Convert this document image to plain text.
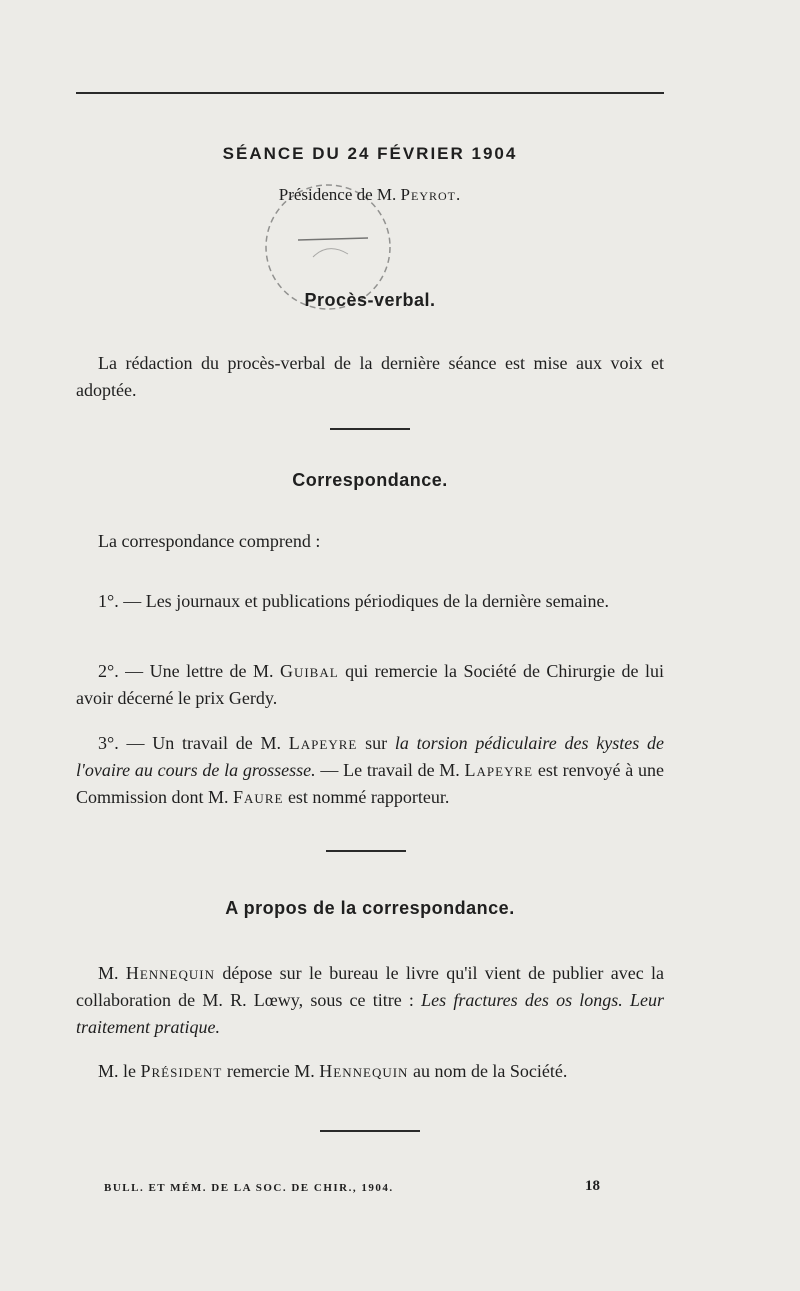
SÉANCE DU 24 FÉVRIER 1904
Présidence de M. Peyrot.
Procès-verbal.
La rédaction du procès-verbal de la dernière séance est mise aux voix et adoptée.
Correspondance.
La correspondance comprend :
1°. — Les journaux et publications périodiques de la dernière semaine.
2°. — Une lettre de M. Guibal qui remercie la Société de Chirurgie de lui avoir décerné le prix Gerdy.
3°. — Un travail de M. Lapeyre sur la torsion pédiculaire des kystes de l'ovaire au cours de la grossesse. — Le travail de M. Lapeyre est renvoyé à une Commission dont M. Faure est nommé rapporteur.
A propos de la correspondance.
M. Hennequin dépose sur le bureau le livre qu'il vient de publier avec la collaboration de M. R. Lœwy, sous ce titre : Les fractures des os longs. Leur traitement pratique.
M. le Président remercie M. Hennequin au nom de la Société.
BULL. ET MÉM. DE LA SOC. DE CHIR., 1904.	18
